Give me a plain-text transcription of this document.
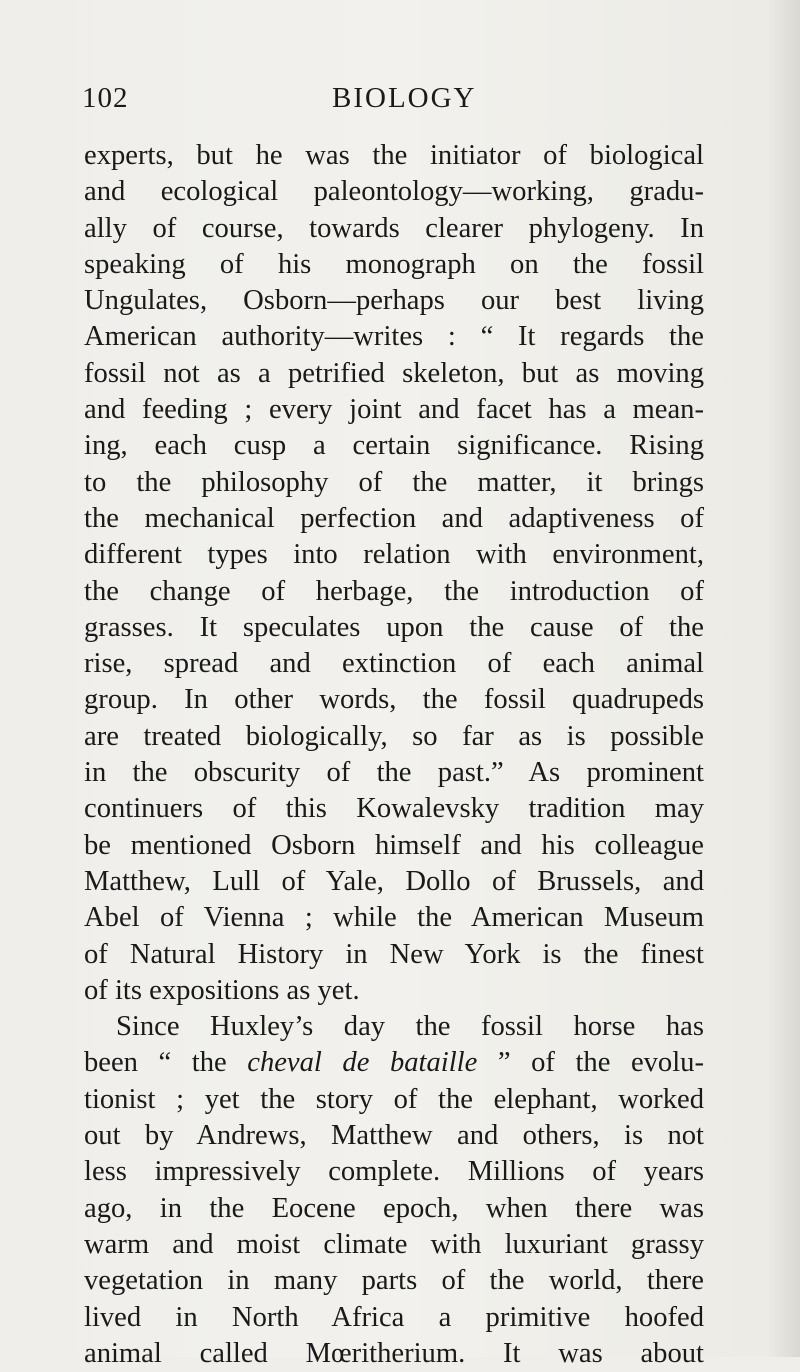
102	BIOLOGY
experts, but he was the initiator of biological
and ecological paleontology—working, gradu-
ally of course, towards clearer phylogeny. In
speaking of his monograph on the fossil
Ungulates, Osborn—perhaps our best living
American authority—writes : “ It regards the
fossil not as a petrified skeleton, but as moving
and feeding ; every joint and facet has a mean-
ing, each cusp a certain significance. Rising
to the philosophy of the matter, it brings
the mechanical perfection and adaptiveness of
different types into relation with environment,
the change of herbage, the introduction of
grasses. It speculates upon the cause of the
rise, spread and extinction of each animal
group. In other words, the fossil quadrupeds
are treated biologically, so far as is possible
in the obscurity of the past.” As prominent
continuers of this Kowalevsky tradition may
be mentioned Osborn himself and his colleague
Matthew, Lull of Yale, Dollo of Brussels, and
Abel of Vienna ; while the American Museum
of Natural History in New York is the finest
of its expositions as yet.
Since Huxley’s day the fossil horse has
been “ the cheval de bataille ” of the evolu-
tionist ; yet the story of the elephant, worked
out by Andrews, Matthew and others, is not
less impressively complete. Millions of years
ago, in the Eocene epoch, when there was
warm and moist climate with luxuriant grassy
vegetation in many parts of the world, there
lived in North Africa a primitive hoofed
animal called Mœritherium. It was about
